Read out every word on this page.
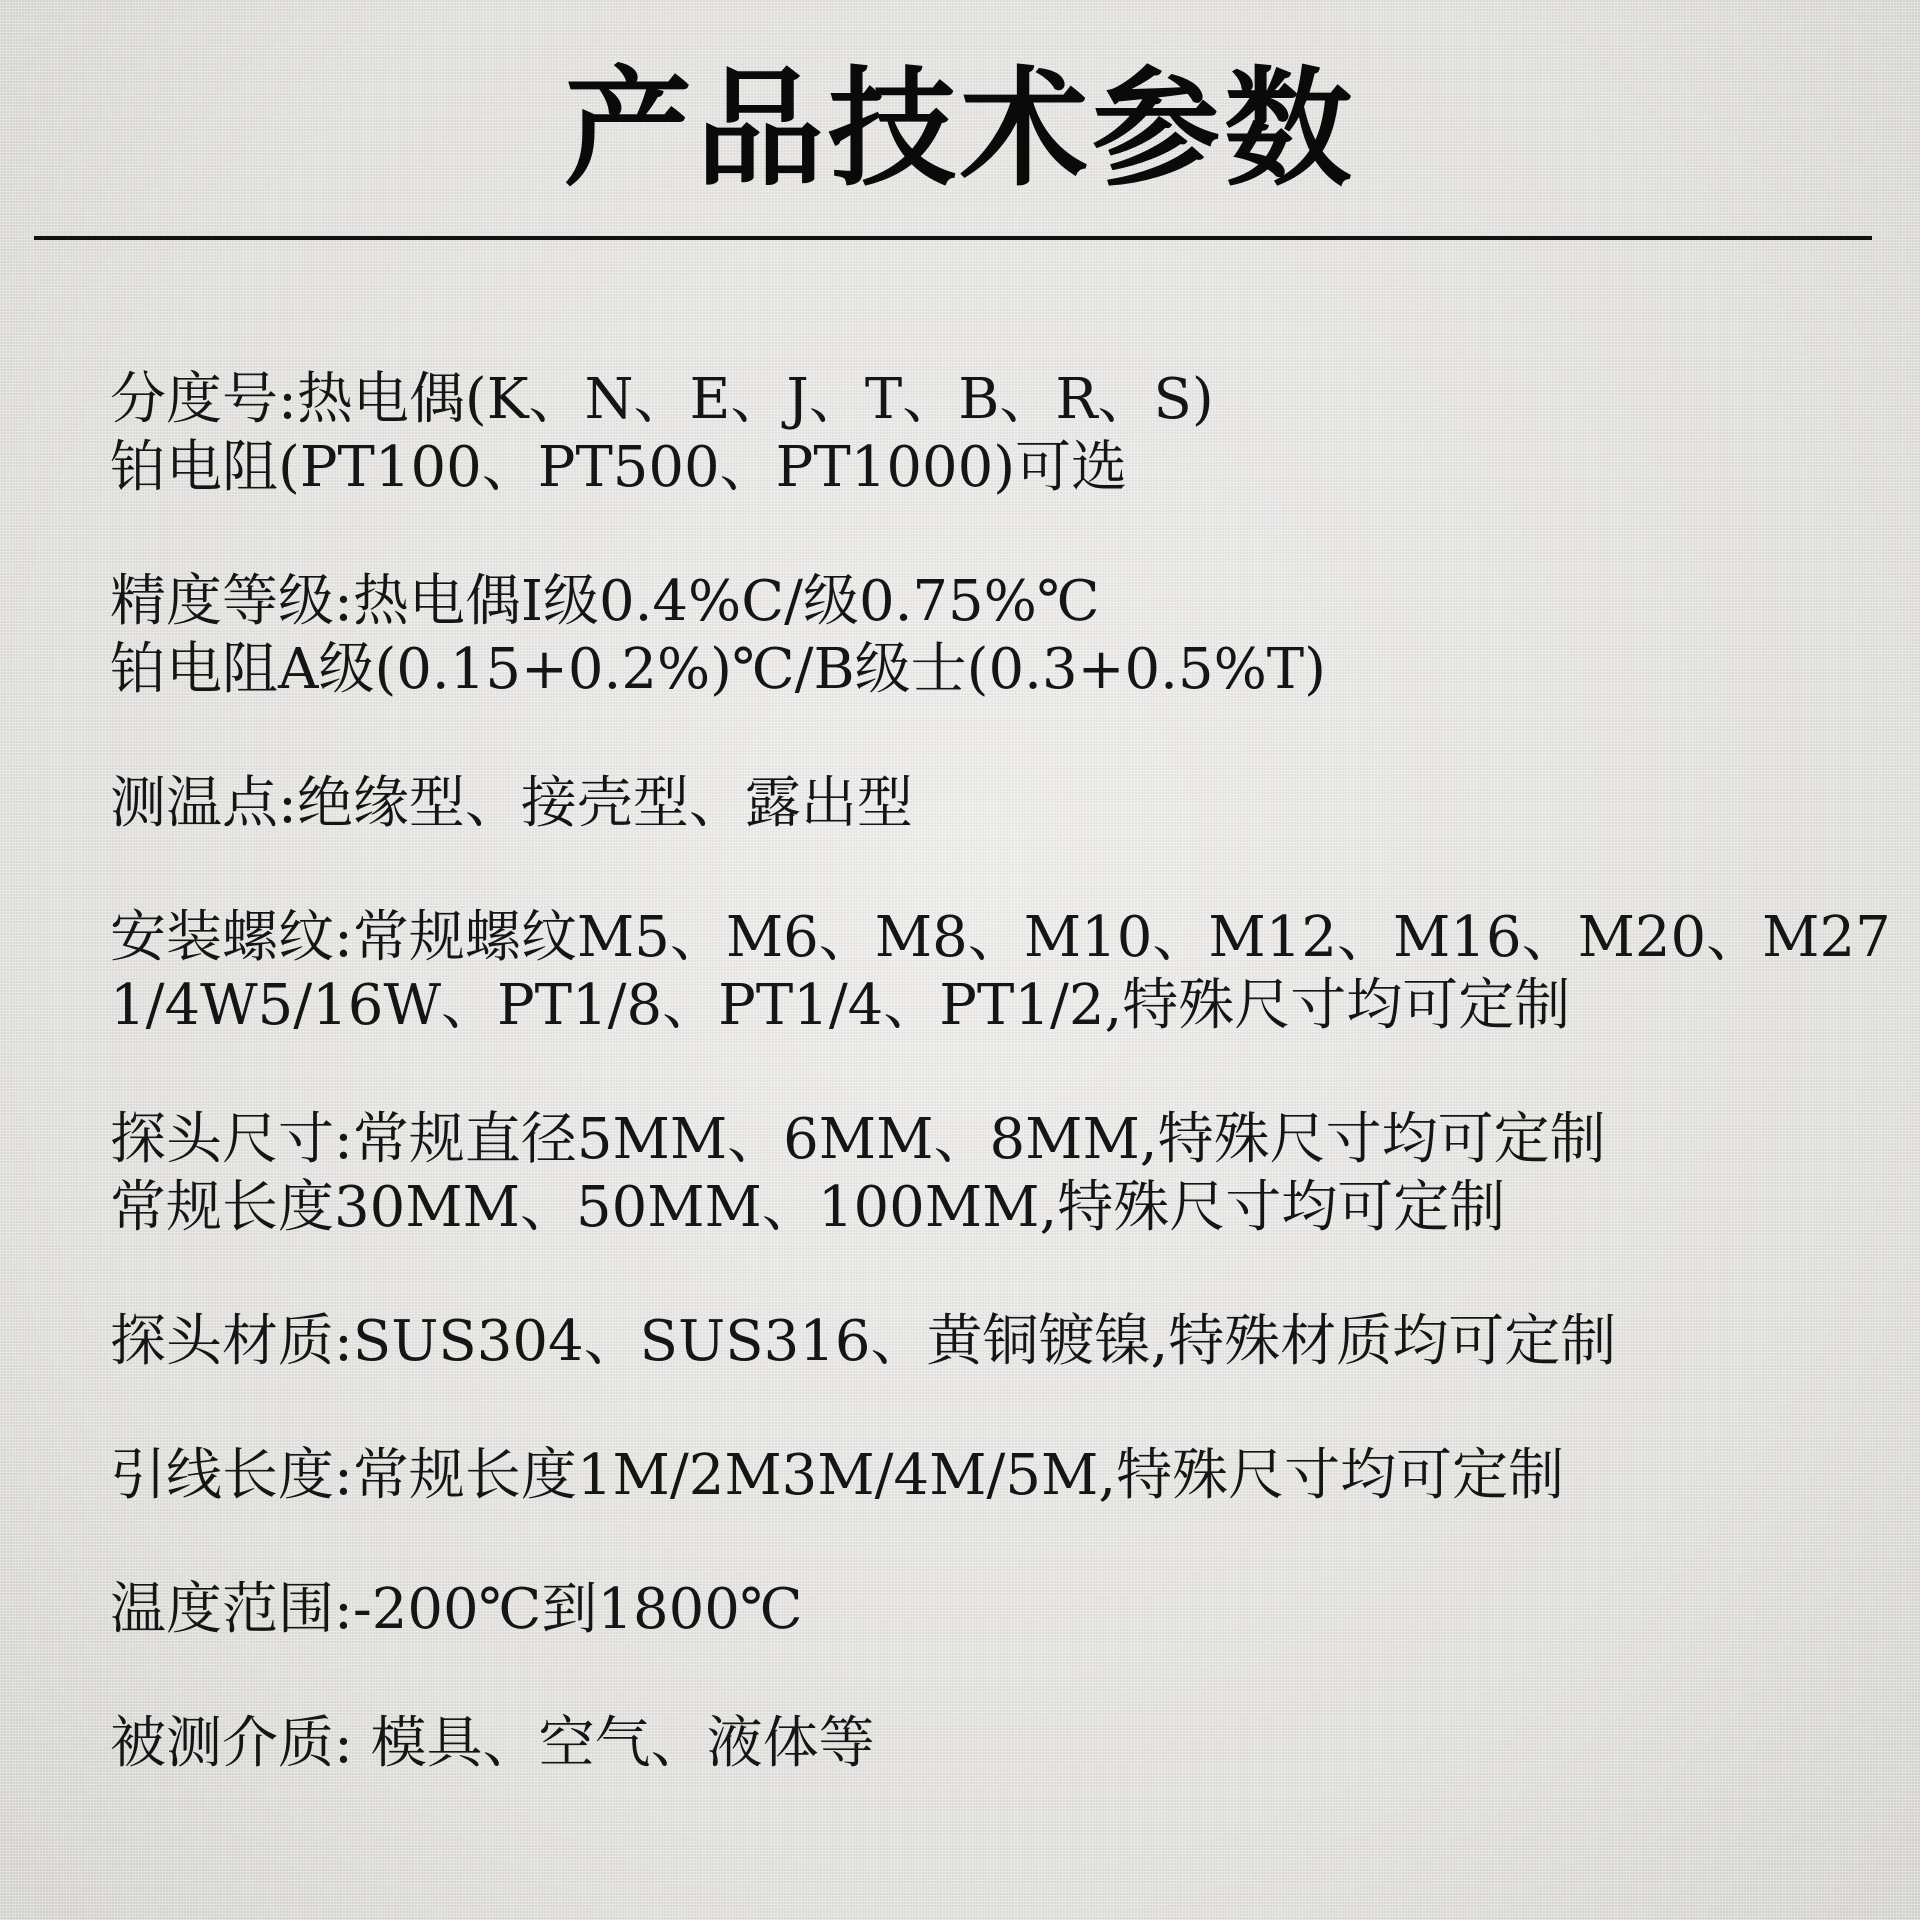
产品技术参数
分度号:热电偶(K、N、E、J、T、B、R、S)
铂电阻(PT100、PT500、PT1000)可选
精度等级:热电偶I级0.4%C/级0.75%℃
铂电阻A级(0.15+0.2%)℃/B级士(0.3+0.5%T)
测温点:绝缘型、接壳型、露出型
安装螺纹:常规螺纹M5、M6、M8、M10、M12、M16、M20、M27
1/4W5/16W、PT1/8、PT1/4、PT1/2,特殊尺寸均可定制
探头尺寸:常规直径5MM、6MM、8MM,特殊尺寸均可定制
常规长度30MM、50MM、100MM,特殊尺寸均可定制
探头材质:SUS304、SUS316、黄铜镀镍,特殊材质均可定制
引线长度:常规长度1M/2M3M/4M/5M,特殊尺寸均可定制
温度范围:-200℃到1800℃
被测介质: 模具、空气、液体等
